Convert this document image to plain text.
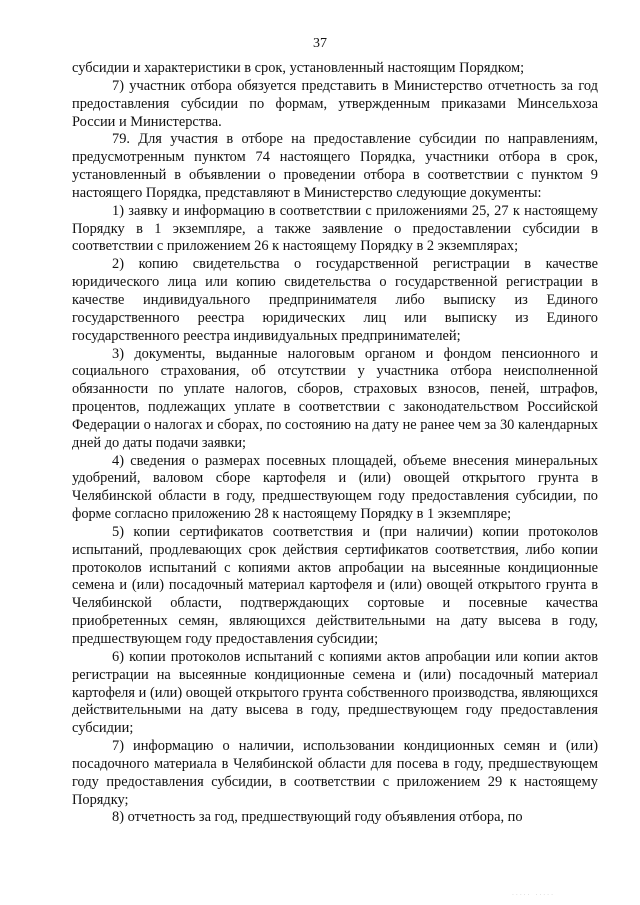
37

субсидии и характеристики в срок, установленный настоящим Порядком;

7) участник отбора обязуется представить в Министерство отчетность за год предоставления субсидии по формам, утвержденным приказами Минсельхоза России и Министерства.

79. Для участия в отборе на предоставление субсидии по направлениям, предусмотренным пунктом 74 настоящего Порядка, участники отбора в срок, установленный в объявлении о проведении отбора в соответствии с пунктом 9 настоящего Порядка, представляют в Министерство следующие документы:

1) заявку и информацию в соответствии с приложениями 25, 27 к настоящему Порядку в 1 экземпляре, а также заявление о предоставлении субсидии в соответствии с приложением 26 к настоящему Порядку в 2 экземплярах;

2) копию свидетельства о государственной регистрации в качестве юридического лица или копию свидетельства о государственной регистрации в качестве индивидуального предпринимателя либо выписку из Единого государственного реестра юридических лиц или выписку из Единого государственного реестра индивидуальных предпринимателей;

3) документы, выданные налоговым органом и фондом пенсионного и социального страхования, об отсутствии у участника отбора неисполненной обязанности по уплате налогов, сборов, страховых взносов, пеней, штрафов, процентов, подлежащих уплате в соответствии с законодательством Российской Федерации о налогах и сборах, по состоянию на дату не ранее чем за 30 календарных дней до даты подачи заявки;

4) сведения о размерах посевных площадей, объеме внесения минеральных удобрений, валовом сборе картофеля и (или) овощей открытого грунта в Челябинской области в году, предшествующем году предоставления субсидии, по форме согласно приложению 28 к настоящему Порядку в 1 экземпляре;

5) копии сертификатов соответствия и (при наличии) копии протоколов испытаний, продлевающих срок действия сертификатов соответствия, либо копии протоколов испытаний с копиями актов апробации на высеянные кондиционные семена и (или) посадочный материал картофеля и (или) овощей открытого грунта в Челябинской области, подтверждающих сортовые и посевные качества приобретенных семян, являющихся действительными на дату высева в году, предшествующем году предоставления субсидии;

6) копии протоколов испытаний с копиями актов апробации или копии актов регистрации на высеянные кондиционные семена и (или) посадочный материал картофеля и (или) овощей открытого грунта собственного производства, являющихся действительными на дату высева в году, предшествующем году предоставления субсидии;

7) информацию о наличии, использовании кондиционных семян и (или) посадочного материала в Челябинской области для посева в году, предшествующем году предоставления субсидии, в соответствии с приложением 29 к настоящему Порядку;

8) отчетность за год, предшествующий году объявления отбора, по

····· ·····
